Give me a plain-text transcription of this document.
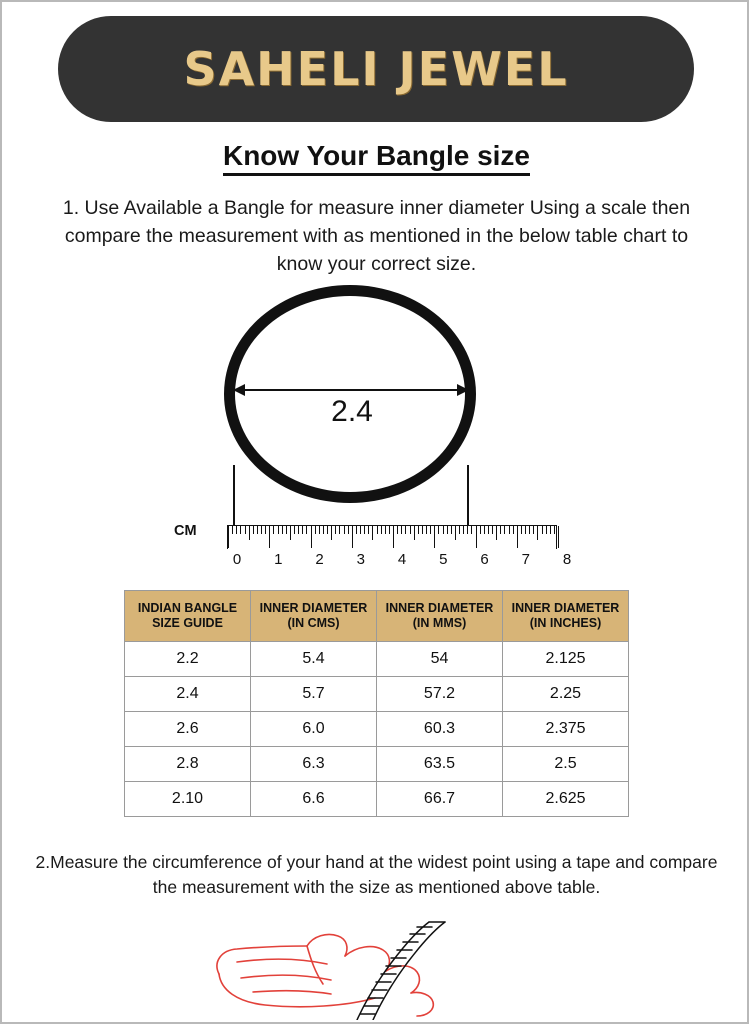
SAHELI JEWEL
Know Your Bangle size
1. Use Available a Bangle for measure inner diameter Using a scale then compare the measurement with as mentioned in the below table chart to know your correct size.
2.4
CM
0	1	2	3	4	5	6	7	8
INDIAN BANGLE SIZE GUIDE	INNER DIAMETER (IN CMS)	INNER DIAMETER (IN MMS)	INNER DIAMETER (IN INCHES)
2.2	5.4	54	2.125
2.4	5.7	57.2	2.25
2.6	6.0	60.3	2.375
2.8	6.3	63.5	2.5
2.10	6.6	66.7	2.625
2.Measure the circumference of your hand at the widest point using a tape and compare the measurement with the size as mentioned above table.
